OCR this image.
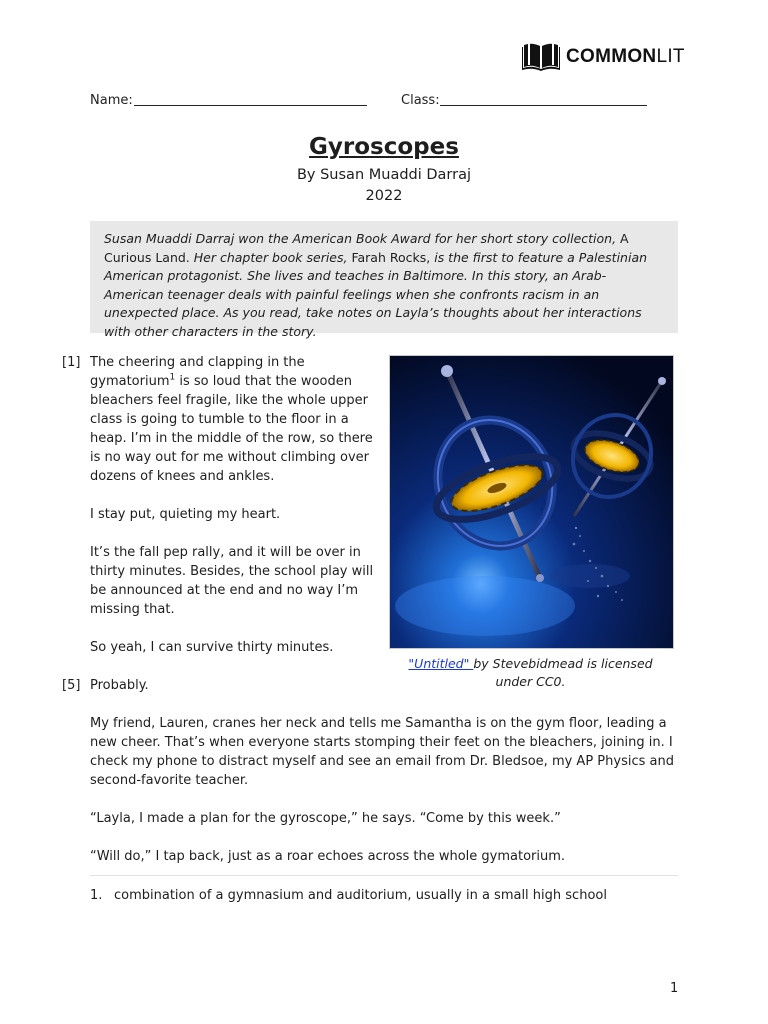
COMMONLIT
Name:	Class:
Gyroscopes
By Susan Muaddi Darraj
2022
Susan Muaddi Darraj won the American Book Award for her short story collection, A Curious Land. Her chapter book series, Farah Rocks, is the first to feature a Palestinian American protagonist. She lives and teaches in Baltimore. In this story, an Arab-American teenager deals with painful feelings when she confronts racism in an unexpected place. As you read, take notes on Layla’s thoughts about her interactions with other characters in the story.
[1] The cheering and clapping in the gymatorium$^1$ is so loud that the wooden bleachers feel fragile, like the whole upper class is going to tumble to the floor in a heap. I’m in the middle of the row, so there is no way out for me without climbing over dozens of knees and ankles.
I stay put, quieting my heart.
It’s the fall pep rally, and it will be over in thirty minutes. Besides, the school play will be announced at the end and no way I’m missing that.
So yeah, I can survive thirty minutes.
[5] Probably.
My friend, Lauren, cranes her neck and tells me Samantha is on the gym floor, leading a new cheer. That’s when everyone starts stomping their feet on the bleachers, joining in. I check my phone to distract myself and see an email from Dr. Bledsoe, my AP Physics and second-favorite teacher.
“Layla, I made a plan for the gyroscope,” he says. “Come by this week.”
“Will do,” I tap back, just as a roar echoes across the whole gymatorium.
"Untitled" by Stevebidmead is licensed under CC0.
1. combination of a gymnasium and auditorium, usually in a small high school
1
